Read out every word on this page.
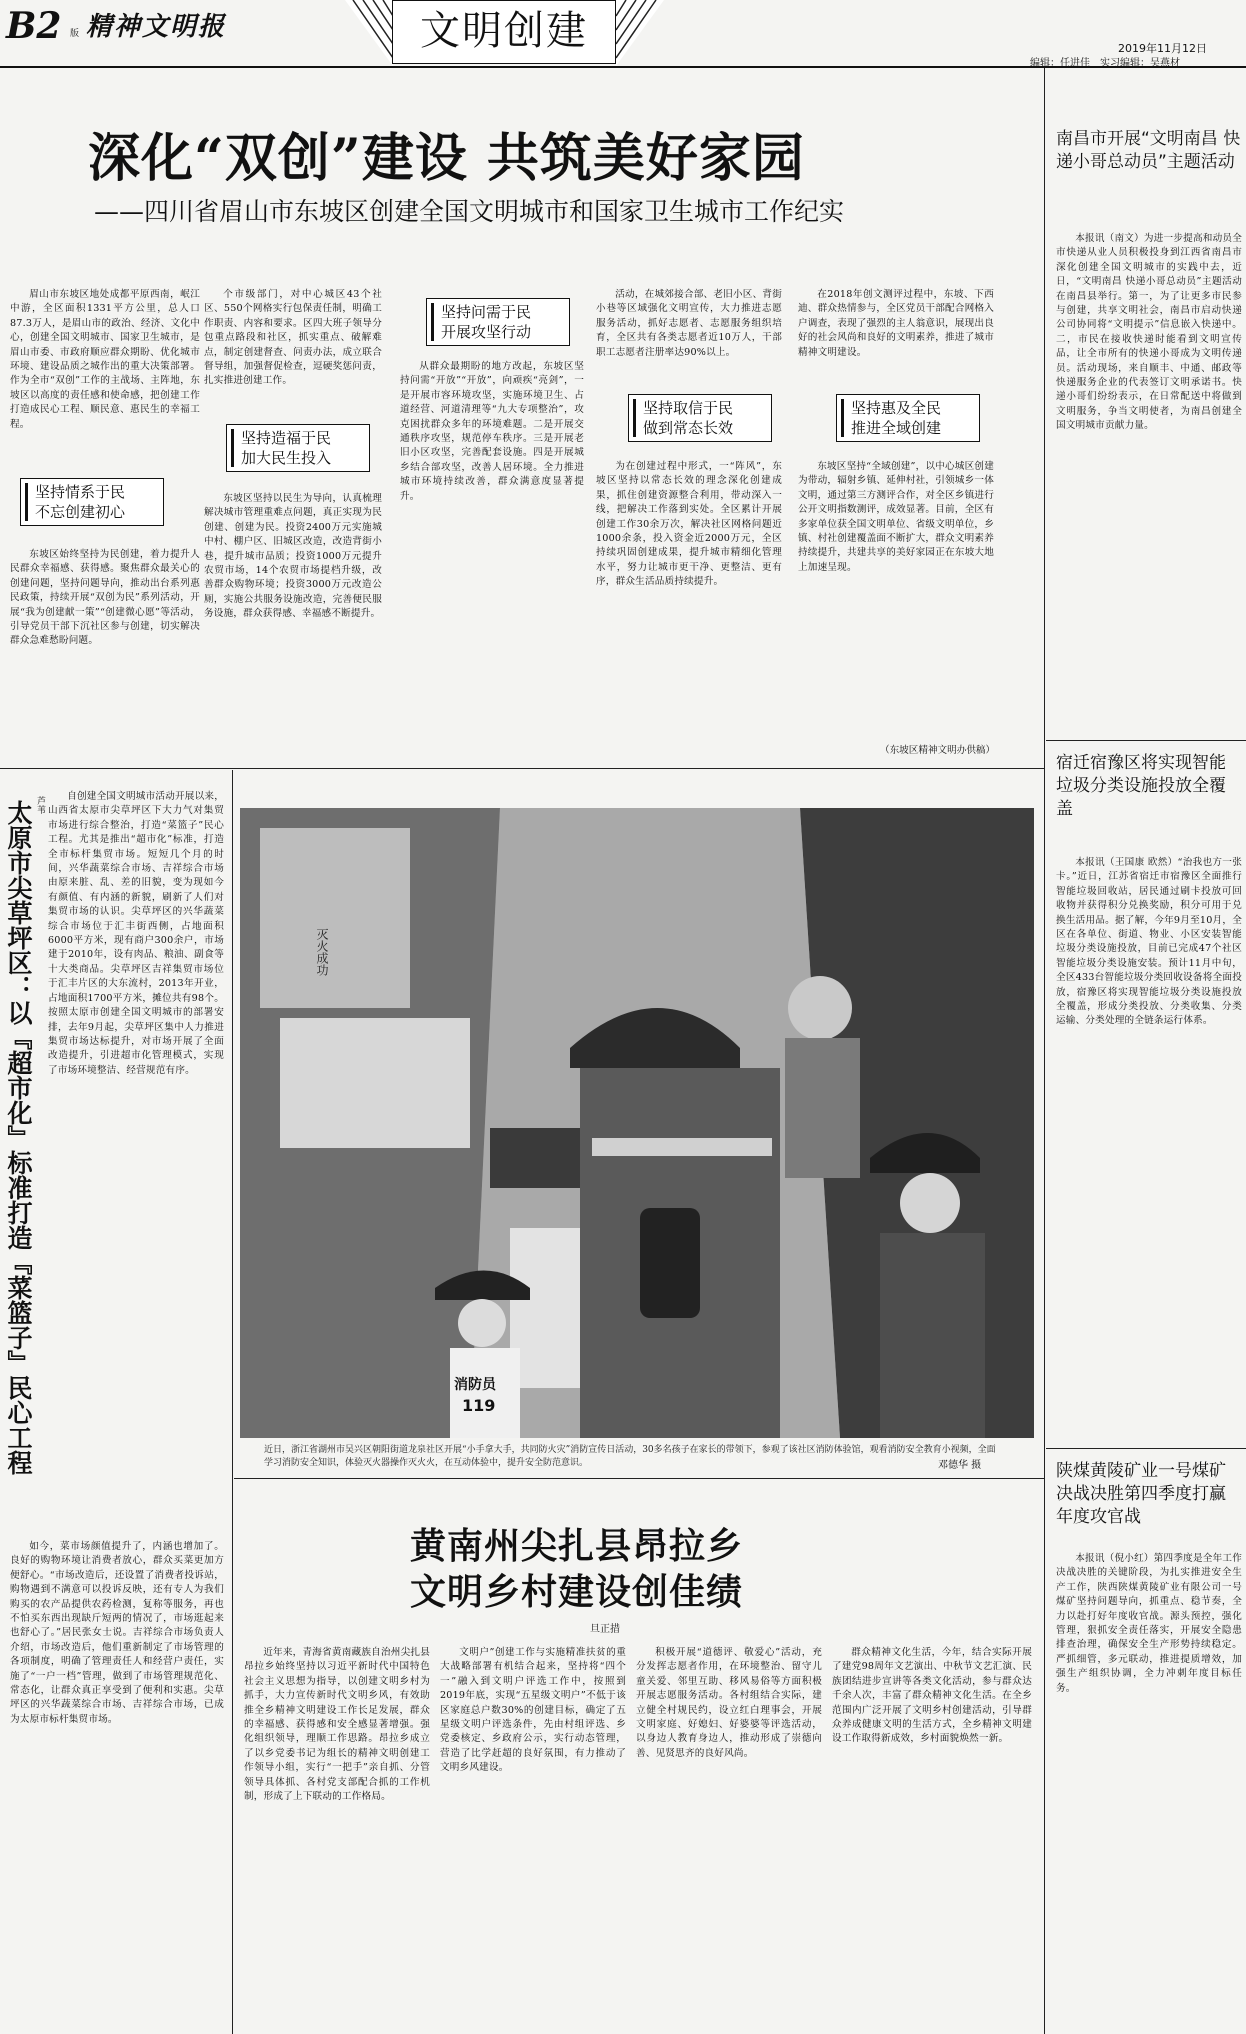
B2 版 精神文明报	文明创建	2019年11月12日
编辑：任进佳　实习编辑：吴燕材
深化“双创”建设 共筑美好家园
——四川省眉山市东坡区创建全国文明城市和国家卫生城市工作纪实

眉山市东坡区地处成都平原西南，岷江中游，全区面积1331平方公里，总人口87.3万人，是眉山市的政治、经济、文化中心，创建全国文明城市、国家卫生城市，是眉山市委、市政府顺应群众期盼、优化城市环境、建设品质之城作出的重大决策部署。作为全市“双创”工作的主战场、主阵地，东坡区以高度的责任感和使命感，把创建工作打造成民心工程、顺民意、惠民生的幸福工程。

坚持情系于民
不忘创建初心

东坡区始终坚持为民创建，着力提升人民群众幸福感、获得感。聚焦群众最关心的创建问题，坚持问题导向，推动出台系列惠民政策，持续开展“双创为民”系列活动，开展“我为创建献一策”“创建微心愿”等活动，引导党员干部下沉社区参与创建，切实解决群众急难愁盼问题。

个市级部门，对中心城区43个社区、550个网格实行包保责任制，明确工作职责、内容和要求。区四大班子领导分包重点路段和社区，抓实重点、破解难点，制定创建督查、问责办法，成立联合督导组，加强督促检查，逗硬奖惩问责，扎实推进创建工作。

坚持造福于民
加大民生投入

东坡区坚持以民生为导向，认真梳理解决城市管理重难点问题，真正实现为民创建、创建为民。投资2400万元实施城中村、棚户区、旧城区改造，改造背街小巷，提升城市品质；投资1000万元提升农贸市场，14个农贸市场提档升级，改善群众购物环境；投资3000万元改造公厕，实施公共服务设施改造，完善便民服务设施，群众获得感、幸福感不断提升。

坚持问需于民
开展攻坚行动

从群众最期盼的地方改起，东坡区坚持问需“开放”“开放”，向顽疾“亮剑”，一是开展市容环境攻坚，实施环境卫生、占道经营、河道清理等“九大专项整治”，攻克困扰群众多年的环境难题。二是开展交通秩序攻坚，规范停车秩序。三是开展老旧小区攻坚，完善配套设施。四是开展城乡结合部攻坚，改善人居环境。全力推进城市环境持续改善，群众满意度显著提升。

活动，在城郊接合部、老旧小区、背街小巷等区域强化文明宣传，大力推进志愿服务活动，抓好志愿者、志愿服务组织培育，全区共有各类志愿者近10万人，干部职工志愿者注册率达90%以上。

坚持取信于民
做到常态长效

为在创建过程中形式，一“阵风”，东坡区坚持以常态长效的理念深化创建成果，抓住创建资源整合利用，带动深入一线，把解决工作落到实处。全区累计开展创建工作30余万次，解决社区网格问题近1000余条，投入资金近2000万元，全区持续巩固创建成果，提升城市精细化管理水平，努力让城市更干净、更整洁、更有序，群众生活品质持续提升。

在2018年创文测评过程中，东坡、下西迪、群众热情参与，全区党员干部配合网格入户调查，表现了强烈的主人翁意识，展现出良好的社会风尚和良好的文明素养，推进了城市精神文明建设。

坚持惠及全民
推进全域创建

东坡区坚持“全域创建”，以中心城区创建为带动，辐射乡镇、延伸村社，引领城乡一体文明，通过第三方测评合作，对全区乡镇进行公开文明指数测评，成效显著。目前，全区有多家单位获全国文明单位、省级文明单位，乡镇、村社创建覆盖面不断扩大，群众文明素养持续提升，共建共享的美好家园正在东坡大地上加速呈现。

（东坡区精神文明办供稿）
南昌市开展“文明南昌 快递小哥总动员”主题活动

本报讯（南文）为进一步提高和动员全市快递从业人员积极投身到江西省南昌市深化创建全国文明城市的实践中去，近日，“文明南昌 快递小哥总动员”主题活动在南昌县举行。第一，为了让更多市民参与创建，共享文明社会，南昌市启动快递公司协同将“文明提示”信息嵌入快递中。二，市民在接收快递时能看到文明宣传品，让全市所有的快递小哥成为文明传递员。活动现场，来自顺丰、中通、邮政等快递服务企业的代表签订文明承诺书。快递小哥们纷纷表示，在日常配送中将做到文明服务，争当文明使者，为南昌创建全国文明城市贡献力量。

宿迁宿豫区将实现智能垃圾分类设施投放全覆盖

本报讯（王国康 欧然）“治我也方一张卡。”近日，江苏省宿迁市宿豫区全面推行智能垃圾回收站，居民通过刷卡投放可回收物并获得积分兑换奖励，积分可用于兑换生活用品。据了解，今年9月至10月，全区在各单位、街道、物业、小区安装智能垃圾分类设施投放，目前已完成47个社区智能垃圾分类设施安装。预计11月中旬，全区433台智能垃圾分类回收设备将全面投放，宿豫区将实现智能垃圾分类设施投放全覆盖，形成分类投放、分类收集、分类运输、分类处理的全链条运行体系。

陕煤黄陵矿业一号煤矿决战决胜第四季度打赢年度攻官战

本报讯（倪小红）第四季度是全年工作决战决胜的关键阶段，为扎实推进安全生产工作，陕西陕煤黄陵矿业有限公司一号煤矿坚持问题导向，抓重点、稳节奏，全力以赴打好年度收官战。源头预控，强化管理，狠抓安全责任落实，开展安全隐患排查治理，确保安全生产形势持续稳定。严抓细管，多元联动，推进提质增效，加强生产组织协调，全力冲刺年度目标任务。

芦苇
太原市尖草坪区：以『超市化』标准打造『菜篮子』民心工程

自创建全国文明城市活动开展以来，山西省太原市尖草坪区下大力气对集贸市场进行综合整治，打造“菜篮子”民心工程。尤其是推出“超市化”标准，打造全市标杆集贸市场。短短几个月的时间，兴华蔬菜综合市场、吉祥综合市场由原来脏、乱、差的旧貌，变为现如今有颜值、有内涵的新貌，刷新了人们对集贸市场的认识。尖草坪区的兴华蔬菜综合市场位于汇丰街西侧，占地面积6000平方米，现有商户300余户，市场建于2010年，设有肉品、粮油、副食等十大类商品。尖草坪区吉祥集贸市场位于汇丰片区的大东流村，2013年开业，占地面积1700平方米，摊位共有98个。按照太原市创建全国文明城市的部署安排，去年9月起，尖草坪区集中人力推进集贸市场达标提升，对市场开展了全面改造提升，引进超市化管理模式，实现了市场环境整洁、经营规范有序。

如今，菜市场颜值提升了，内涵也增加了。良好的购物环境让消费者放心，群众买菜更加方便舒心。“市场改造后，还设置了消费者投诉站，购物遇到不满意可以投诉反映，还有专人为我们购买的农产品提供农药检测，复称等服务，再也不怕买东西出现缺斤短两的情况了，市场逛起来也舒心了。”居民张女士说。吉祥综合市场负责人介绍，市场改造后，他们重新制定了市场管理的各项制度，明确了管理责任人和经营户责任，实施了“一户一档”管理，做到了市场管理规范化、常态化，让群众真正享受到了便利和实惠。尖草坪区的兴华蔬菜综合市场、吉祥综合市场，已成为太原市标杆集贸市场。

灭火成功
消防员
119
近日，浙江省湖州市吴兴区朝阳街道龙泉社区开展“小手拿大手，共同防火灾”消防宣传日活动，30多名孩子在家长的带领下，参观了该社区消防体验馆，观看消防安全教育小视频，全面学习消防安全知识，体验灭火器操作灭火火，在互动体验中，提升安全防范意识。	邓德华 摄
黄南州尖扎县昂拉乡
文明乡村建设创佳绩
旦正措

近年来，青海省黄南藏族自治州尖扎县昂拉乡始终坚持以习近平新时代中国特色社会主义思想为指导，以创建文明乡村为抓手，大力宣传新时代文明乡风，有效助推全乡精神文明建设工作长足发展，群众的幸福感、获得感和安全感显著增强。强化组织领导，理顺工作思路。昂拉乡成立了以乡党委书记为组长的精神文明创建工作领导小组，实行“一把手”亲自抓、分管领导具体抓、各村党支部配合抓的工作机制，形成了上下联动的工作格局。

文明户”创建工作与实施精准扶贫的重大战略部署有机结合起来，坚持将“四个一”融入到文明户评选工作中，按照到2019年底，实现“五星级文明户”不低于该区家庭总户数30%的创建目标，确定了五星级文明户评选条件，先由村组评选、乡党委核定、乡政府公示，实行动态管理，营造了比学赶超的良好氛围，有力推动了文明乡风建设。

积极开展“道德评、敬爱心”活动，充分发挥志愿者作用，在环境整治、留守儿童关爱、邻里互助、移风易俗等方面积极开展志愿服务活动。各村组结合实际，建立健全村规民约，设立红白理事会，开展文明家庭、好媳妇、好婆婆等评选活动，以身边人教育身边人，推动形成了崇德向善、见贤思齐的良好风尚。

群众精神文化生活，今年，结合实际开展了建党98周年文艺演出、中秋节文艺汇演、民族团结进步宣讲等各类文化活动，参与群众达千余人次，丰富了群众精神文化生活。在全乡范围内广泛开展了文明乡村创建活动，引导群众养成健康文明的生活方式，全乡精神文明建设工作取得新成效，乡村面貌焕然一新。
